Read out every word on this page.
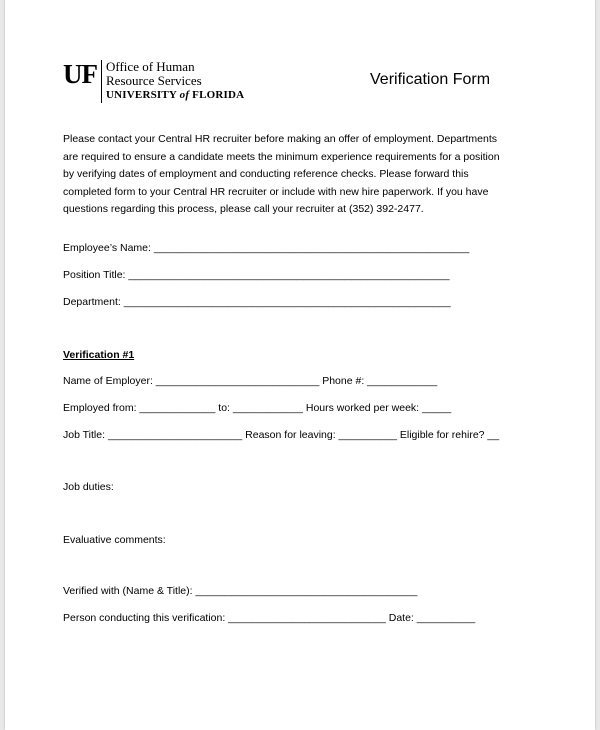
UF Office of Human
Resource Services
UNIVERSITY of FLORIDA
Verification Form
Please contact your Central HR recruiter before making an offer of employment. Departments
are required to ensure a candidate meets the minimum experience requirements for a position
by verifying dates of employment and conducting reference checks. Please forward this
completed form to your Central HR recruiter or include with new hire paperwork. If you have
questions regarding this process, please call your recruiter at (352) 392-2477.
Employee’s Name: ______________________________________________________
Position Title: _______________________________________________________
Department: ________________________________________________________
Verification #1
Name of Employer: ____________________________ Phone #: ____________
Employed from: _____________ to: ____________ Hours worked per week: _____
Job Title: _______________________ Reason for leaving: __________ Eligible for rehire? __
Job duties:
Evaluative comments:
Verified with (Name & Title): ______________________________________
Person conducting this verification: ___________________________ Date: __________
